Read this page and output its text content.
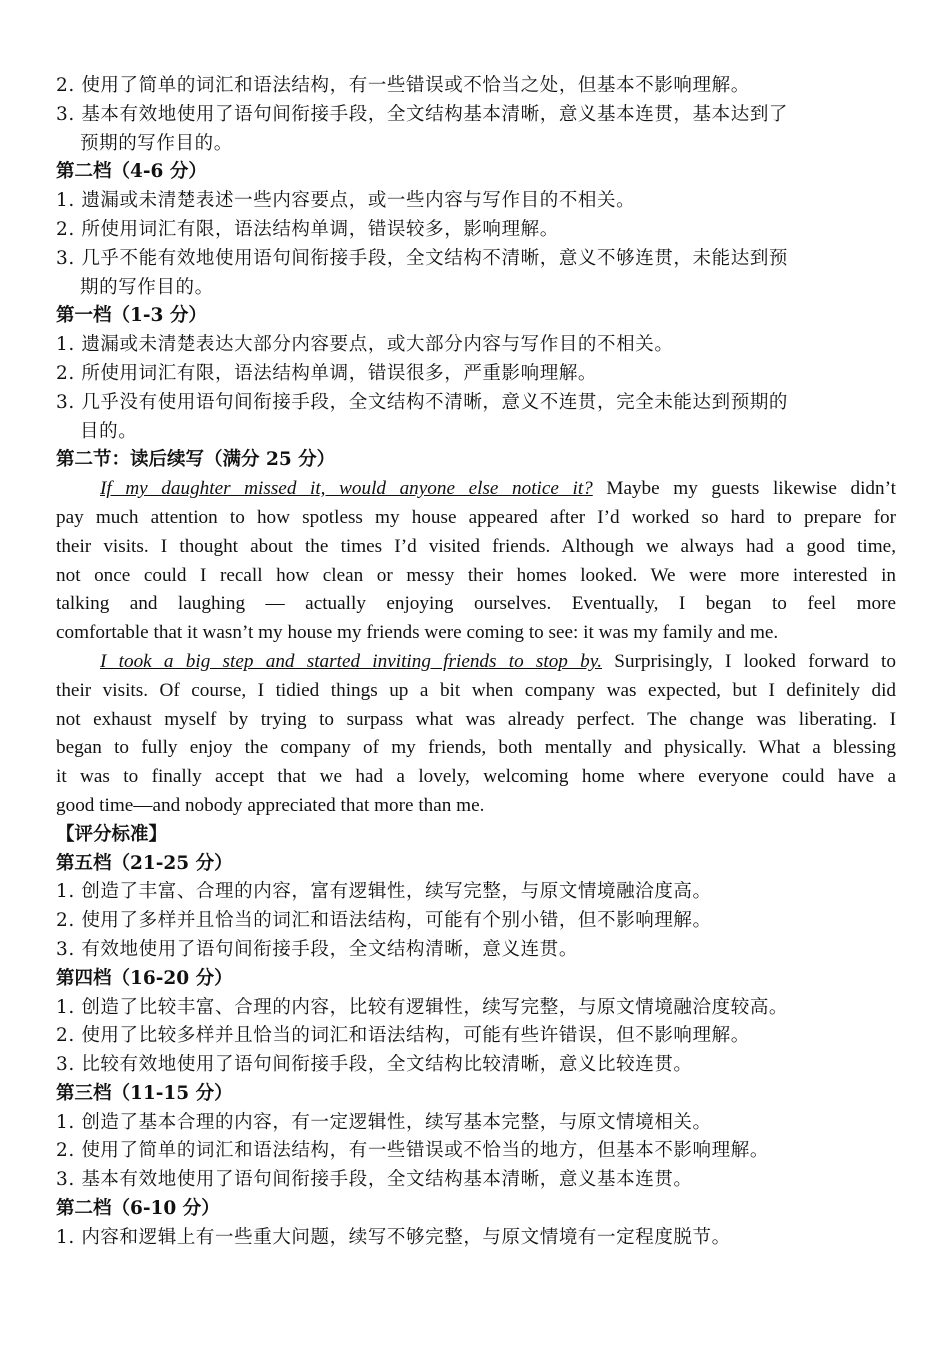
2. 使用了简单的词汇和语法结构，有一些错误或不恰当之处，但基本不影响理解。
3. 基本有效地使用了语句间衔接手段，全文结构基本清晰，意义基本连贯，基本达到了
预期的写作目的。
第二档（4-6 分）
1. 遗漏或未清楚表述一些内容要点，或一些内容与写作目的不相关。
2. 所使用词汇有限，语法结构单调，错误较多，影响理解。
3. 几乎不能有效地使用语句间衔接手段，全文结构不清晰，意义不够连贯，未能达到预
期的写作目的。
第一档（1-3 分）
1. 遗漏或未清楚表达大部分内容要点，或大部分内容与写作目的不相关。
2. 所使用词汇有限，语法结构单调，错误很多，严重影响理解。
3. 几乎没有使用语句间衔接手段，全文结构不清晰，意义不连贯，完全未能达到预期的
目的。
第二节：读后续写（满分 25 分）
If my daughter missed it, would anyone else notice it? Maybe my guests likewise didn’t
pay much attention to how spotless my house appeared after I’d worked so hard to prepare for
their visits. I thought about the times I’d visited friends. Although we always had a good time,
not once could I recall how clean or messy their homes looked. We were more interested in
talking and laughing — actually enjoying ourselves. Eventually, I began to feel more
comfortable that it wasn’t my house my friends were coming to see: it was my family and me.
I took a big step and started inviting friends to stop by. Surprisingly, I looked forward to
their visits. Of course, I tidied things up a bit when company was expected, but I definitely did
not exhaust myself by trying to surpass what was already perfect. The change was liberating. I
began to fully enjoy the company of my friends, both mentally and physically. What a blessing
it was to finally accept that we had a lovely, welcoming home where everyone could have a
good time—and nobody appreciated that more than me.
【评分标准】
第五档（21-25 分）
1. 创造了丰富、合理的内容，富有逻辑性，续写完整，与原文情境融洽度高。
2. 使用了多样并且恰当的词汇和语法结构，可能有个别小错，但不影响理解。
3. 有效地使用了语句间衔接手段，全文结构清晰，意义连贯。
第四档（16-20 分）
1. 创造了比较丰富、合理的内容，比较有逻辑性，续写完整，与原文情境融洽度较高。
2. 使用了比较多样并且恰当的词汇和语法结构，可能有些许错误，但不影响理解。
3. 比较有效地使用了语句间衔接手段，全文结构比较清晰，意义比较连贯。
第三档（11-15 分）
1. 创造了基本合理的内容，有一定逻辑性，续写基本完整，与原文情境相关。
2. 使用了简单的词汇和语法结构，有一些错误或不恰当的地方，但基本不影响理解。
3. 基本有效地使用了语句间衔接手段，全文结构基本清晰，意义基本连贯。
第二档（6-10 分）
1. 内容和逻辑上有一些重大问题，续写不够完整，与原文情境有一定程度脱节。
